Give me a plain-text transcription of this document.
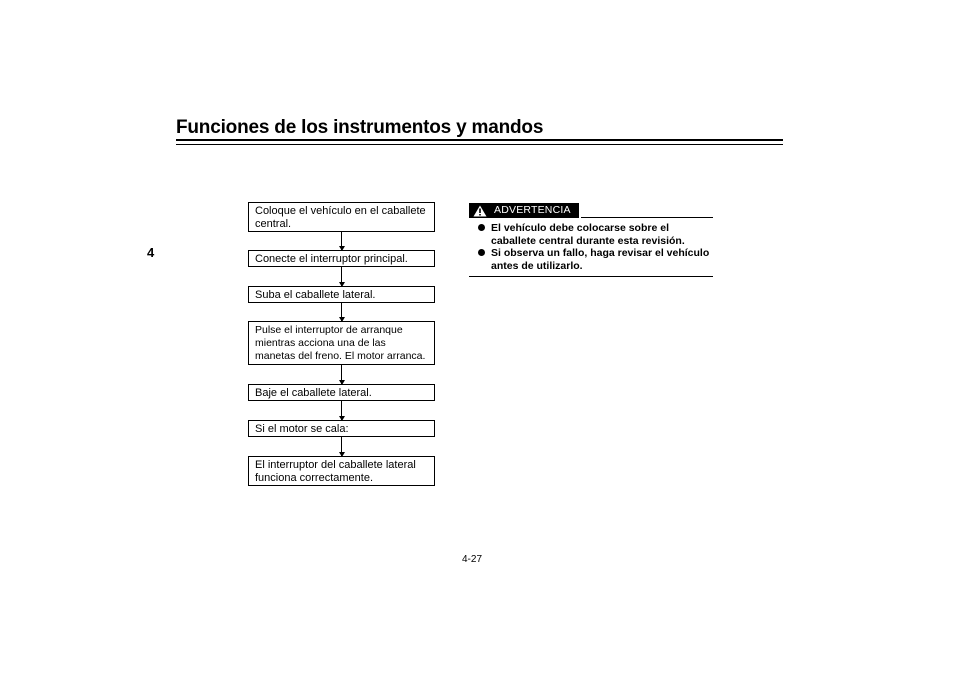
Funciones de los instrumentos y mandos
4
Coloque el vehículo en el caballete central.
Conecte el interruptor principal.
Suba el caballete lateral.
Pulse el interruptor de arranque mientras acciona una de las manetas del freno. El motor arranca.
Baje el caballete lateral.
Si el motor se cala:
El interruptor del caballete lateral funciona correctamente.
ADVERTENCIA
El vehículo debe colocarse sobre el caballete central durante esta revisión.
Si observa un fallo, haga revisar el vehículo antes de utilizarlo.
4-27
